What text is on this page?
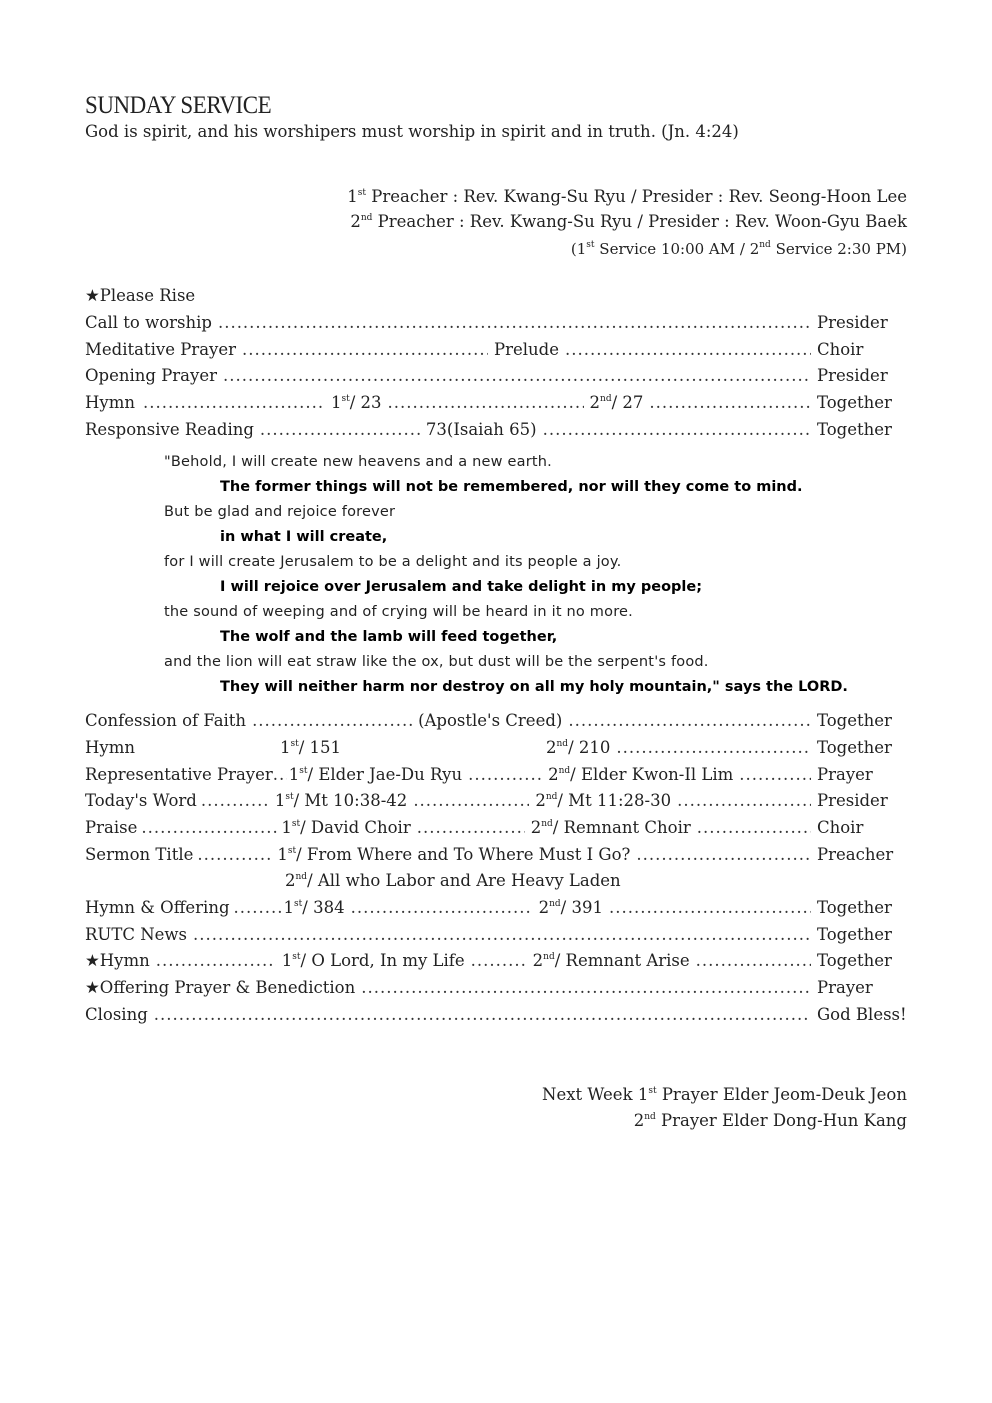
SUNDAY SERVICE
God is spirit, and his worshipers must worship in spirit and in truth. (Jn. 4:24)
1st Preacher : Rev. Kwang-Su Ryu / Presider : Rev. Seong-Hoon Lee
2nd Preacher : Rev. Kwang-Su Ryu / Presider : Rev. Woon-Gyu Baek
(1st Service 10:00 AM / 2nd Service 2:30 PM)
★Please Rise
Call to worship .....	Presider
Meditative Prayer .....	Prelude .....	Choir
Opening Prayer .....	Presider
Hymn .....	1st/ 23 .....	2nd/ 27 .....	Together
Responsive Reading .....	73(Isaiah 65) .....	Together
"Behold, I will create new heavens and a new earth.
The former things will not be remembered, nor will they come to mind.
But be glad and rejoice forever
in what I will create,
for I will create Jerusalem to be a delight and its people a joy.
I will rejoice over Jerusalem and take delight in my people;
the sound of weeping and of crying will be heard in it no more.
The wolf and the lamb will feed together,
and the lion will eat straw like the ox, but dust will be the serpent's food.
They will neither harm nor destroy on all my holy mountain," says the LORD.
Confession of Faith .....	(Apostle's Creed) .....	Together
Hymn	1st/ 151	2nd/ 210 .....	Together
Representative Prayer ..... 1st/ Elder Jae-Du Ryu .....	2nd/ Elder Kwon-Il Lim .....	Prayer
Today's Word .....	1st/ Mt 10:38-42 .....	2nd/ Mt 11:28-30 .....	Presider
Praise .....	1st/ David Choir .....	2nd/ Remnant Choir .....	Choir
Sermon Title .....	1st/ From Where and To Where Must I Go? .....	Preacher
2nd/ All who Labor and Are Heavy Laden
Hymn & Offering .....	1st/ 384 .....	2nd/ 391 .....	Together
RUTC News .....	Together
★Hymn .....	1st/ O Lord, In my Life .....	2nd/ Remnant Arise .....	Together
★Offering Prayer & Benediction .....	Prayer
Closing .....	God Bless!
Next Week 1st Prayer Elder Jeom-Deuk Jeon
2nd Prayer Elder Dong-Hun Kang
